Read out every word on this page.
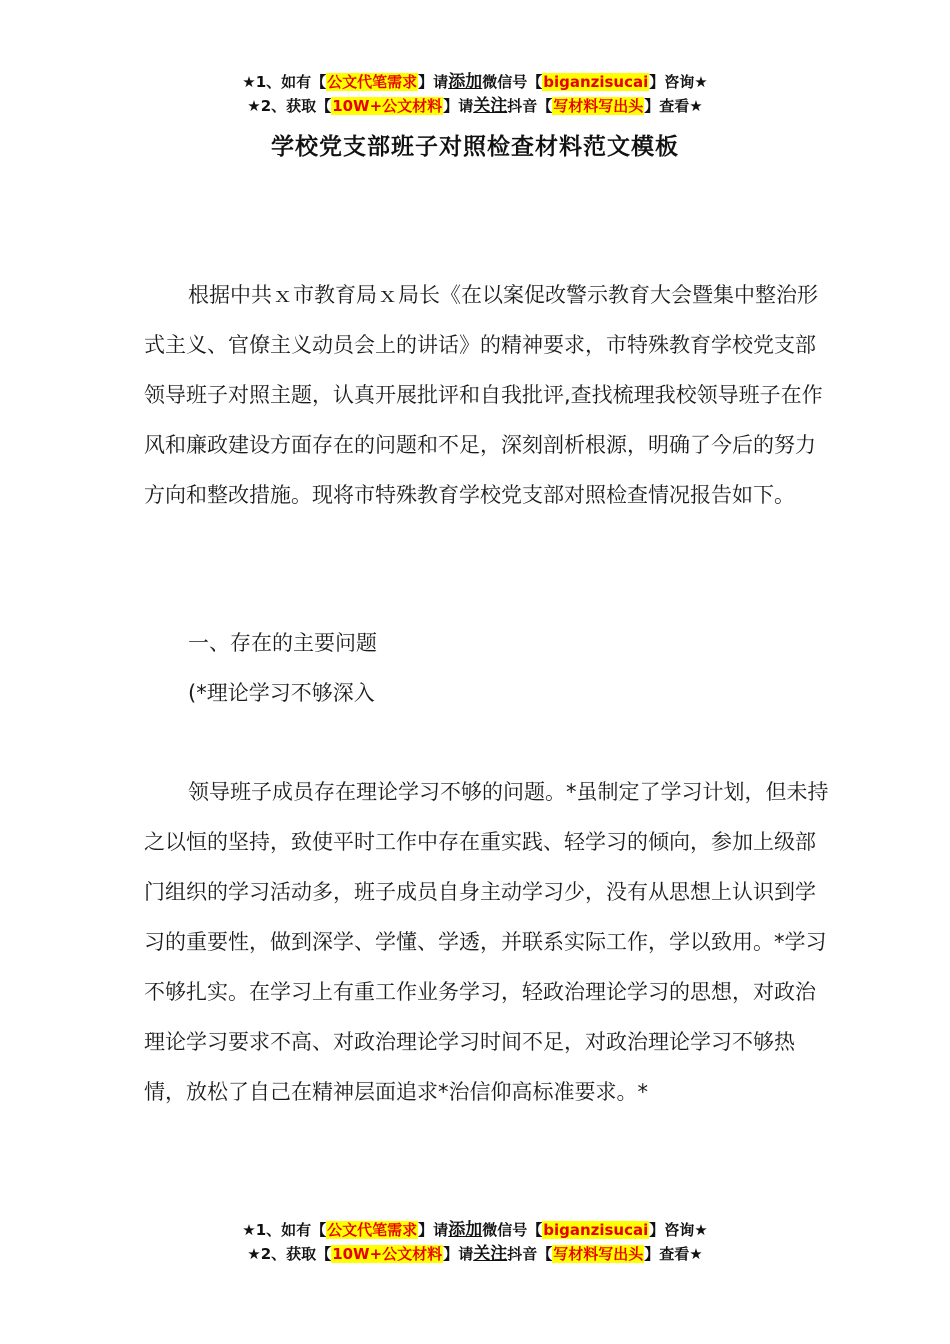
★1、如有【公文代笔需求】请添加微信号【biganzisucai】咨询★
★2、获取【10W+公文材料】请关注抖音【写材料写出头】查看★
学校党支部班子对照检查材料范文模板

根据中共ｘ市教育局ｘ局长《在以案促改警示教育大会暨集中整治形式主义、官僚主义动员会上的讲话》的精神要求，市特殊教育学校党支部领导班子对照主题，认真开展批评和自我批评,查找梳理我校领导班子在作风和廉政建设方面存在的问题和不足，深刻剖析根源，明确了今后的努力方向和整改措施。现将市特殊教育学校党支部对照检查情况报告如下。

一、存在的主要问题

(*理论学习不够深入

领导班子成员存在理论学习不够的问题。*虽制定了学习计划，但未持之以恒的坚持，致使平时工作中存在重实践、轻学习的倾向，参加上级部门组织的学习活动多，班子成员自身主动学习少，没有从思想上认识到学习的重要性，做到深学、学懂、学透，并联系实际工作，学以致用。*学习不够扎实。在学习上有重工作业务学习，轻政治理论学习的思想，对政治理论学习要求不高、对政治理论学习时间不足，对政治理论学习不够热情，放松了自己在精神层面追求*治信仰高标准要求。*

★1、如有【公文代笔需求】请添加微信号【biganzisucai】咨询★
★2、获取【10W+公文材料】请关注抖音【写材料写出头】查看★
